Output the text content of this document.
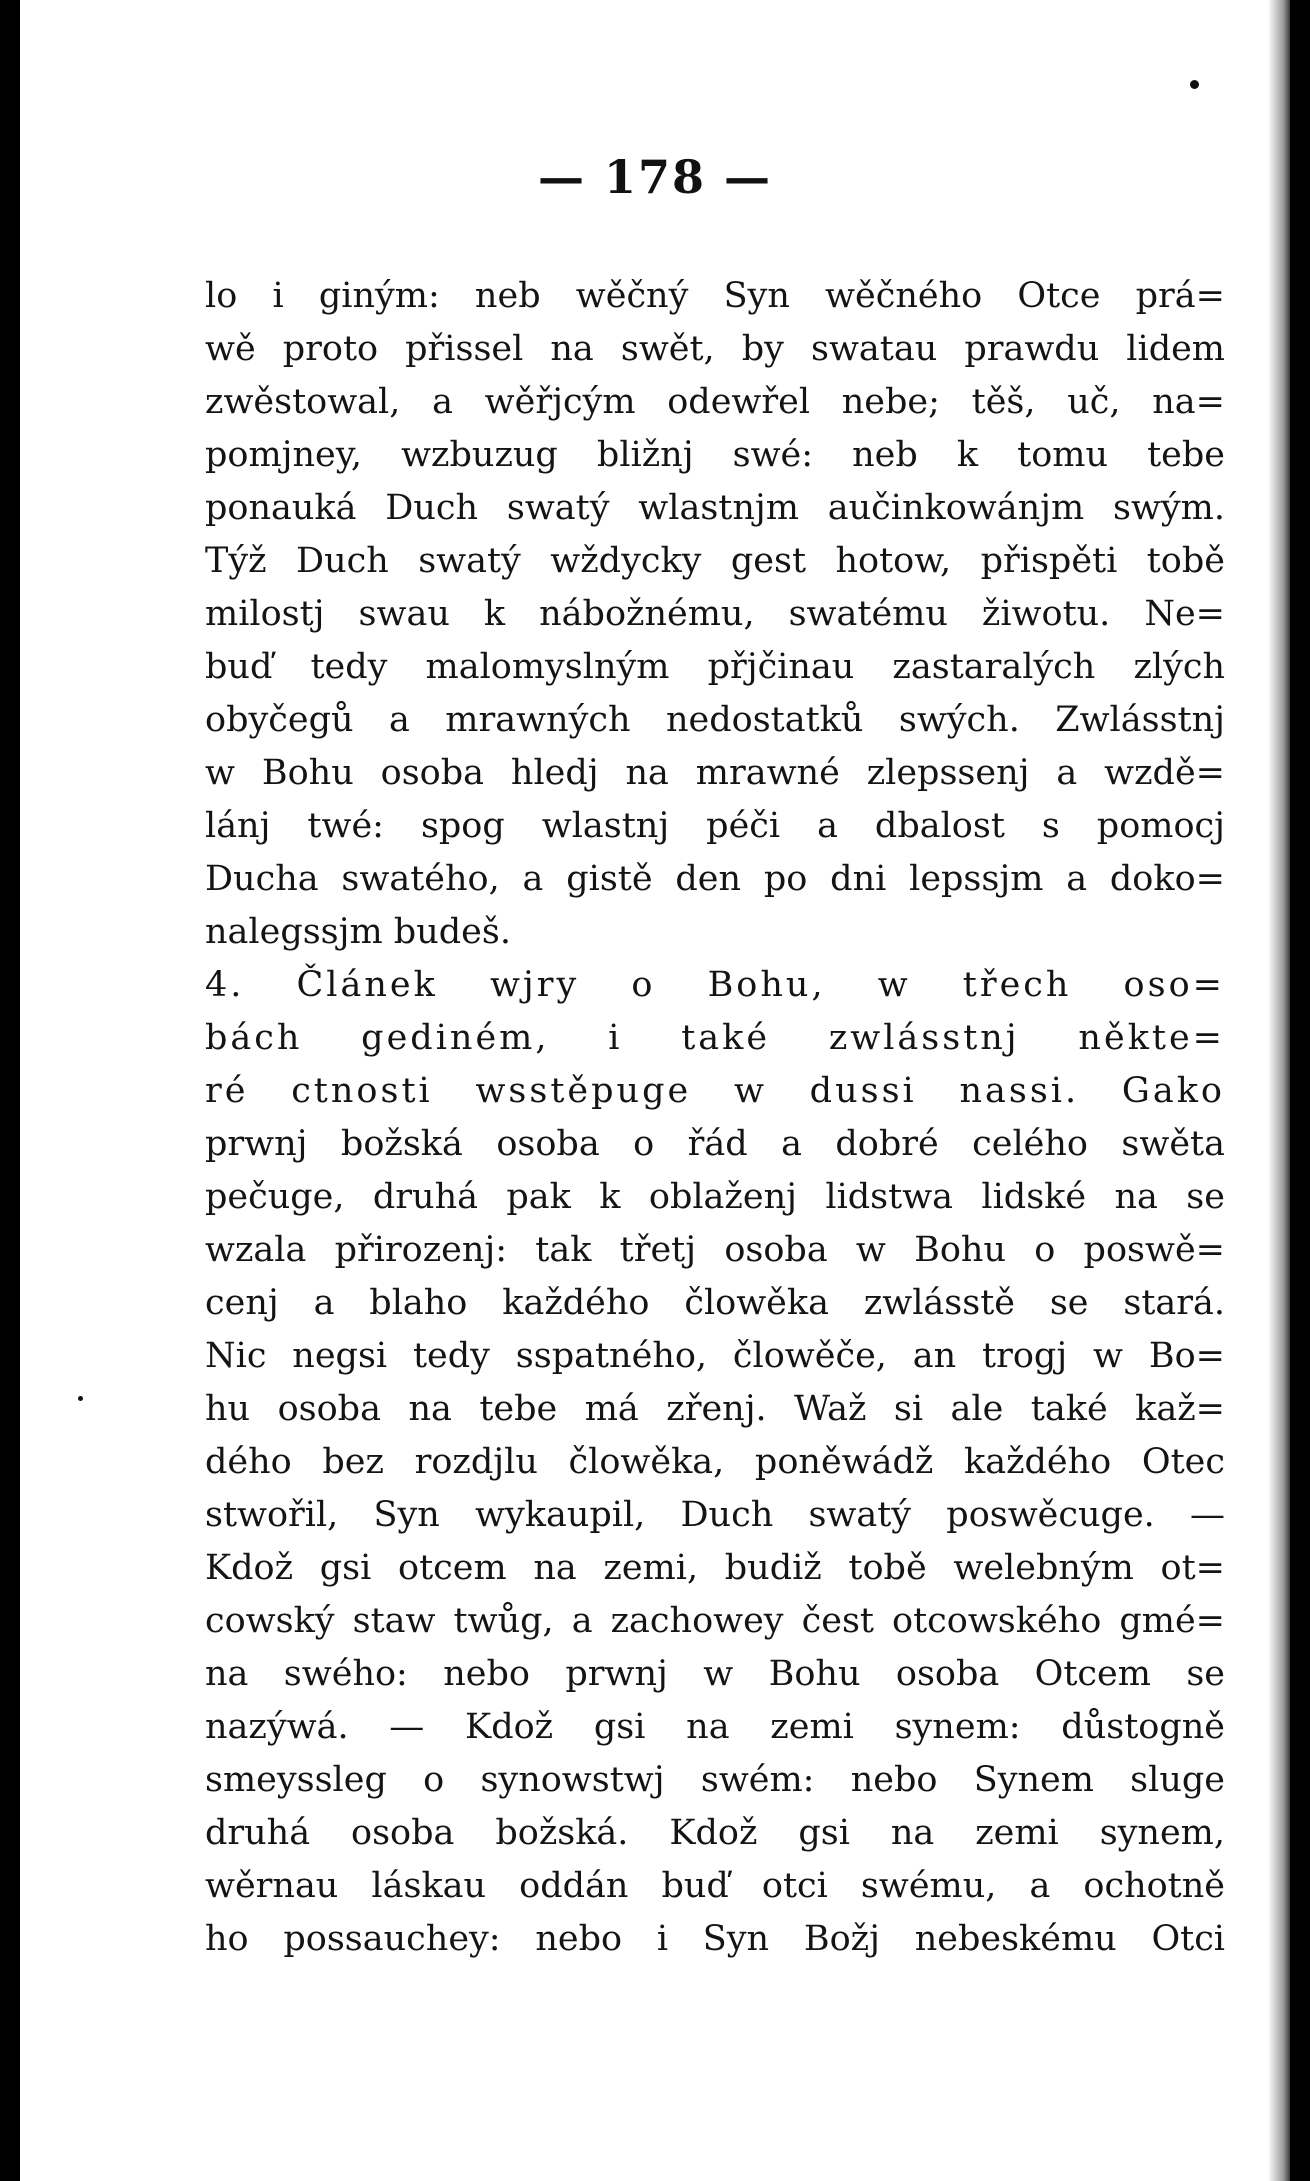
— 178 —
lo i giným: neb wěčný Syn wěčného Otce prá=
wě proto přissel na swět, by swatau prawdu lidem
zwěstowal, a wěřjcým odewřel nebe; těš, uč, na=
pomjney, wzbuzug bližnj swé: neb k tomu tebe
ponauká Duch swatý wlastnjm aučinkowánjm swým.
Týž Duch swatý wždycky gest hotow, přispěti tobě
milostj swau k nábožnému, swatému žiwotu. Ne=
buď tedy malomyslným přjčinau zastaralých zlých
obyčegů a mrawných nedostatků swých. Zwlásstnj
w Bohu osoba hledj na mrawné zlepssenj a wzdě=
lánj twé: spog wlastnj péči a dbalost s pomocj
Ducha swatého, a gistě den po dni lepssjm a doko=
nalegssjm budeš.
4. Článek wjry o Bohu, w třech oso=
bách gediném, i také zwlásstnj někte=
ré ctnosti wsstěpuge w dussi nassi. Gako
prwnj božská osoba o řád a dobré celého swěta
pečuge, druhá pak k oblaženj lidstwa lidské na se
wzala přirozenj: tak třetj osoba w Bohu o poswě=
cenj a blaho každého člowěka zwlásstě se stará.
Nic negsi tedy sspatného, člowěče, an trogj w Bo=
hu osoba na tebe má zřenj. Waž si ale také kaž=
dého bez rozdjlu člowěka, poněwádž každého Otec
stwořil, Syn wykaupil, Duch swatý poswěcuge. —
Kdož gsi otcem na zemi, budiž tobě welebným ot=
cowský staw twůg, a zachowey čest otcowského gmé=
na swého: nebo prwnj w Bohu osoba Otcem se
nazýwá. — Kdož gsi na zemi synem: důstogně
smeyssleg o synowstwj swém: nebo Synem sluge
druhá osoba božská. Kdož gsi na zemi synem,
wěrnau láskau oddán buď otci swému, a ochotně
ho possauchey: nebo i Syn Božj nebeskému Otci
